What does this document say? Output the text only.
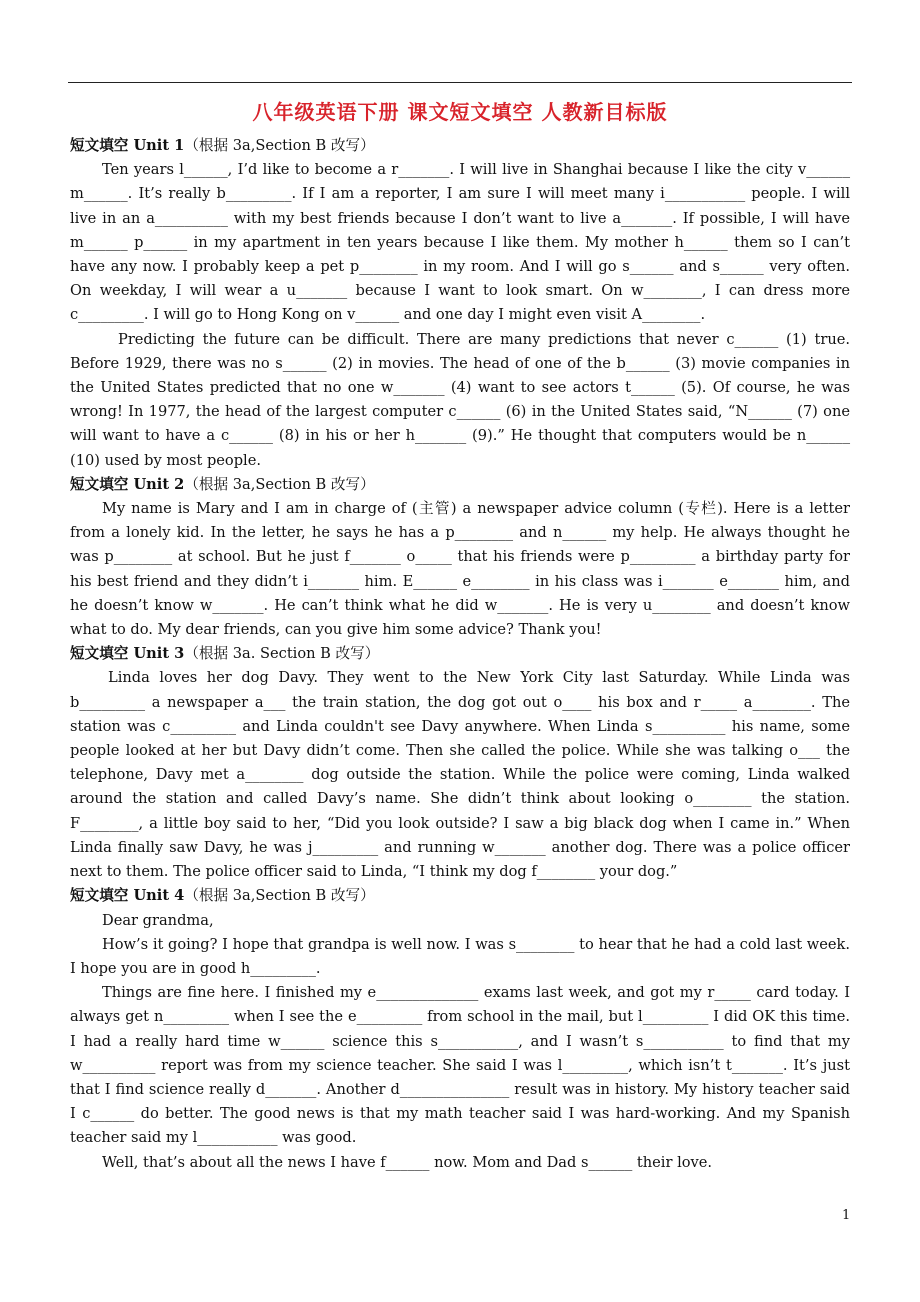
八年级英语下册 课文短文填空 人教新目标版
短文填空 Unit 1（根据 3a,Section B 改写）

Ten years l______, I’d like to become a r_______. I will live in Shanghai because I like the city v______ m______. It’s really b_________. If I am a reporter, I am sure I will meet many i___________ people. I will live in an a__________ with my best friends because I don’t want to live a_______. If possible, I will have m______ p______ in my apartment in ten years because I like them. My mother h______ them so I can’t have any now. I probably keep a pet p________ in my room. And I will go s______ and s______ very often. On weekday, I will wear a u_______ because I want to look smart. On w________, I can dress more c_________. I will go to Hong Kong on v______ and one day I might even visit A________.

Predicting the future can be difficult. There are many predictions that never c______ (1) true. Before 1929, there was no s______ (2) in movies. The head of one of the b______ (3) movie companies in the United States predicted that no one w_______ (4) want to see actors t______ (5). Of course, he was wrong! In 1977, the head of the largest computer c______ (6) in the United States said, “N______ (7) one will want to have a c______ (8) in his or her h_______ (9).” He thought that computers would be n______ (10) used by most people.

短文填空 Unit 2（根据 3a,Section B 改写）

My name is Mary and I am in charge of (主管) a newspaper advice column (专栏). Here is a letter from a lonely kid. In the letter, he says he has a p________ and n______ my help. He always thought he was p________ at school. But he just f_______ o_____ that his friends were p_________ a birthday party for his best friend and they didn’t i_______ him. E______ e________ in his class was i_______ e_______ him, and he doesn’t know w_______. He can’t think what he did w_______. He is very u________ and doesn’t know what to do. My dear friends, can you give him some advice? Thank you!

短文填空 Unit 3（根据 3a. Section B 改写）

Linda loves her dog Davy. They went to the New York City last Saturday. While Linda was b_________ a newspaper a___ the train station, the dog got out o____ his box and r_____ a________. The station was c_________ and Linda couldn't see Davy anywhere. When Linda s__________ his name, some people looked at her but Davy didn’t come. Then she called the police. While she was talking o___ the telephone, Davy met a________ dog outside the station. While the police were coming, Linda walked around the station and called Davy’s name. She didn’t think about looking o________ the station. F________, a little boy said to her, “Did you look outside? I saw a big black dog when I came in.” When Linda finally saw Davy, he was j_________ and running w_______ another dog. There was a police officer next to them. The police officer said to Linda, “I think my dog f________ your dog.”

短文填空 Unit 4（根据 3a,Section B 改写）

Dear grandma,

How’s it going? I hope that grandpa is well now. I was s________ to hear that he had a cold last week. I hope you are in good h_________.

Things are fine here. I finished my e______________ exams last week, and got my r_____ card today. I always get n_________ when I see the e_________ from school in the mail, but l_________ I did OK this time. I had a really hard time w______ science this s___________, and I wasn’t s___________ to find that my w__________ report was from my science teacher. She said I was l_________, which isn’t t_______. It’s just that I find science really d_______. Another d_______________ result was in history. My history teacher said I c______ do better. The good news is that my math teacher said I was hard-working. And my Spanish teacher said my l___________ was good.

Well, that’s about all the news I have f______ now. Mom and Dad s______ their love.

1
